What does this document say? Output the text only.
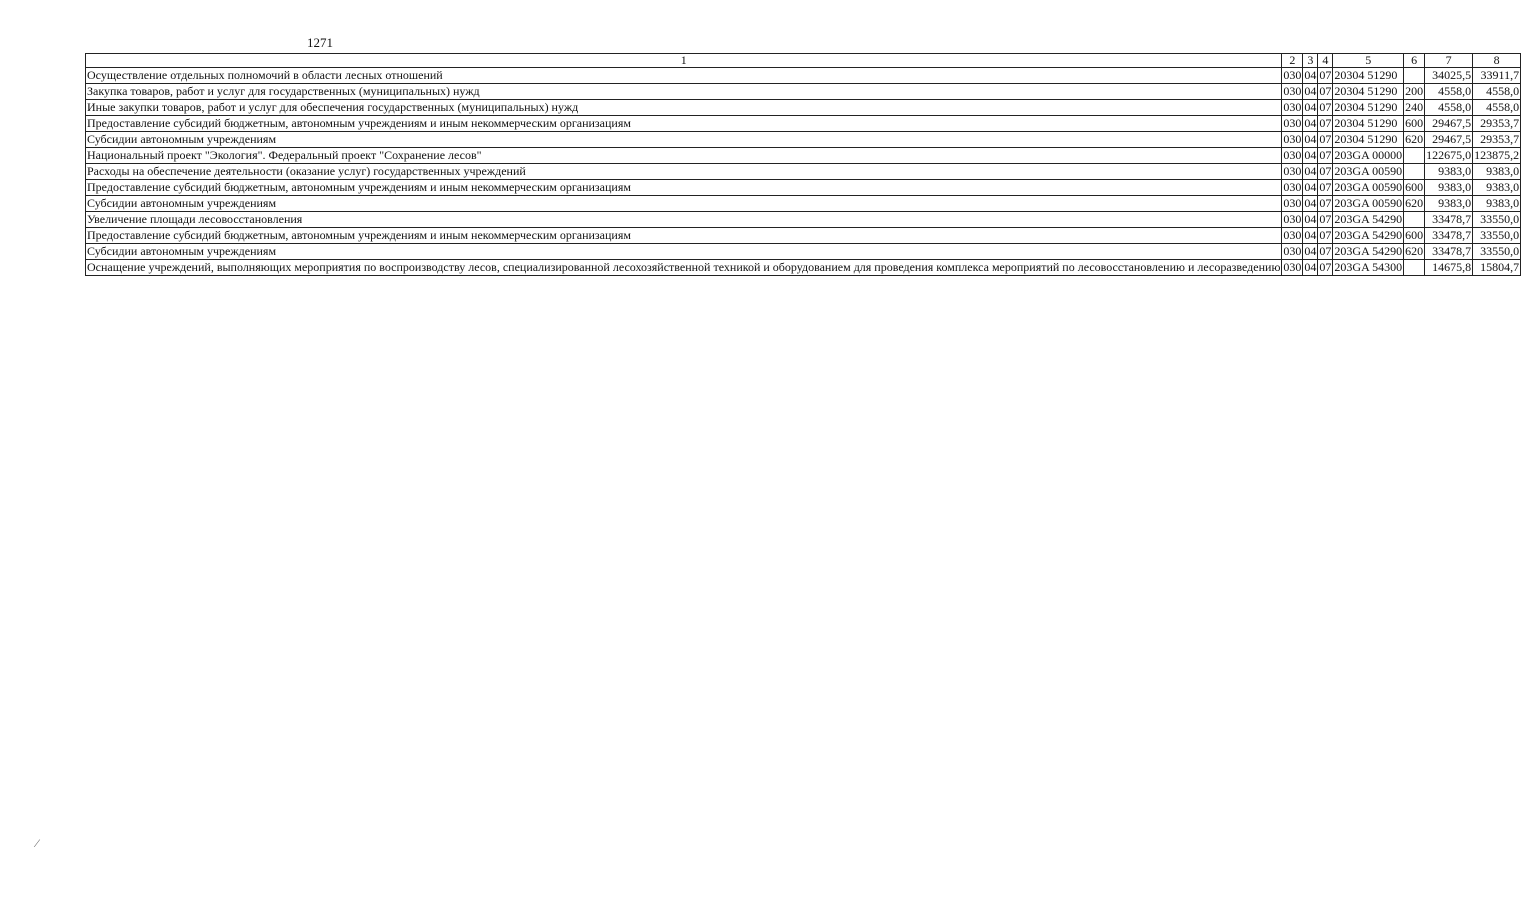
1271
1	2	3	4	5	6	7	8
Осуществление отдельных полномочий в области лесных отношений	030	04	07	20304 51290		34025,5	33911,7
Закупка товаров, работ и услуг для государственных (муниципальных) нужд	030	04	07	20304 51290	200	4558,0	4558,0
Иные закупки товаров, работ и услуг для обеспечения государственных (муниципальных) нужд	030	04	07	20304 51290	240	4558,0	4558,0
Предоставление субсидий бюджетным, автономным учреждениям и иным некоммерческим организациям	030	04	07	20304 51290	600	29467,5	29353,7
Субсидии автономным учреждениям	030	04	07	20304 51290	620	29467,5	29353,7
Национальный проект "Экология". Федеральный проект "Сохранение лесов"	030	04	07	203GA 00000		122675,0	123875,2
Расходы на обеспечение деятельности (оказание услуг) государственных учреждений	030	04	07	203GA 00590		9383,0	9383,0
Предоставление субсидий бюджетным, автономным учреждениям и иным некоммерческим организациям	030	04	07	203GA 00590	600	9383,0	9383,0
Субсидии автономным учреждениям	030	04	07	203GA 00590	620	9383,0	9383,0
Увеличение площади лесовосстановления	030	04	07	203GA 54290		33478,7	33550,0
Предоставление субсидий бюджетным, автономным учреждениям и иным некоммерческим организациям	030	04	07	203GA 54290	600	33478,7	33550,0
Субсидии автономным учреждениям	030	04	07	203GA 54290	620	33478,7	33550,0
Оснащение учреждений, выполняющих мероприятия по воспроизводству лесов, специализированной лесохозяйственной техникой и оборудованием для проведения комплекса мероприятий по лесовосстановлению и лесоразведению	030	04	07	203GA 54300		14675,8	15804,7
⁄
